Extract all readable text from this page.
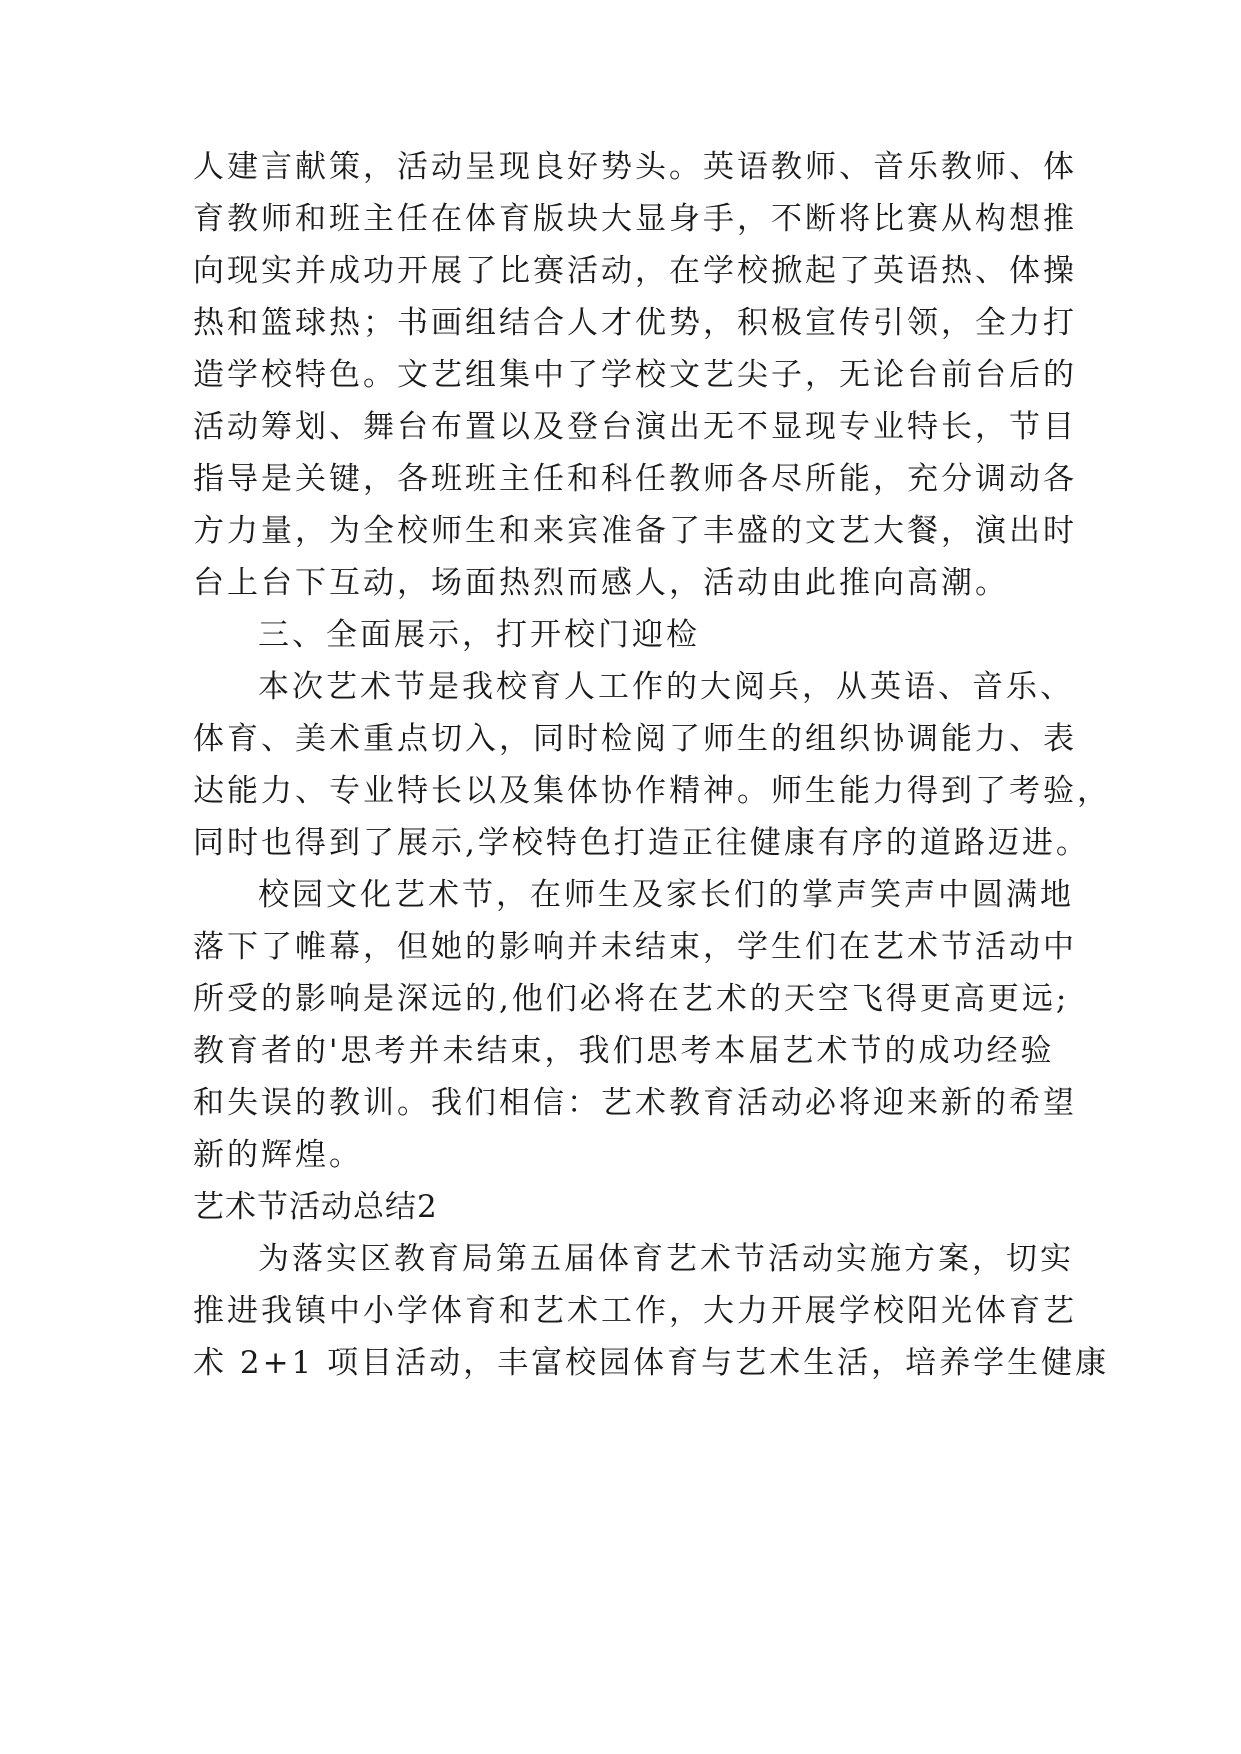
人建言献策，活动呈现良好势头。英语教师、音乐教师、体
育教师和班主任在体育版块大显身手，不断将比赛从构想推
向现实并成功开展了比赛活动，在学校掀起了英语热、体操
热和篮球热；书画组结合人才优势，积极宣传引领，全力打
造学校特色。文艺组集中了学校文艺尖子，无论台前台后的
活动筹划、舞台布置以及登台演出无不显现专业特长，节目
指导是关键，各班班主任和科任教师各尽所能，充分调动各
方力量，为全校师生和来宾准备了丰盛的文艺大餐，演出时
台上台下互动，场面热烈而感人，活动由此推向高潮。
三、全面展示，打开校门迎检
本次艺术节是我校育人工作的大阅兵，从英语、音乐、
体育、美术重点切入，同时检阅了师生的组织协调能力、表
达能力、专业特长以及集体协作精神。师生能力得到了考验，
同时也得到了展示,学校特色打造正往健康有序的道路迈进。
校园文化艺术节，在师生及家长们的掌声笑声中圆满地
落下了帷幕，但她的影响并未结束，学生们在艺术节活动中
所受的影响是深远的,他们必将在艺术的天空飞得更高更远;
教育者的'思考并未结束，我们思考本届艺术节的成功经验
和失误的教训。我们相信：艺术教育活动必将迎来新的希望
新的辉煌。
艺术节活动总结2
为落实区教育局第五届体育艺术节活动实施方案，切实
推进我镇中小学体育和艺术工作，大力开展学校阳光体育艺
术 2+1 项目活动，丰富校园体育与艺术生活，培养学生健康
